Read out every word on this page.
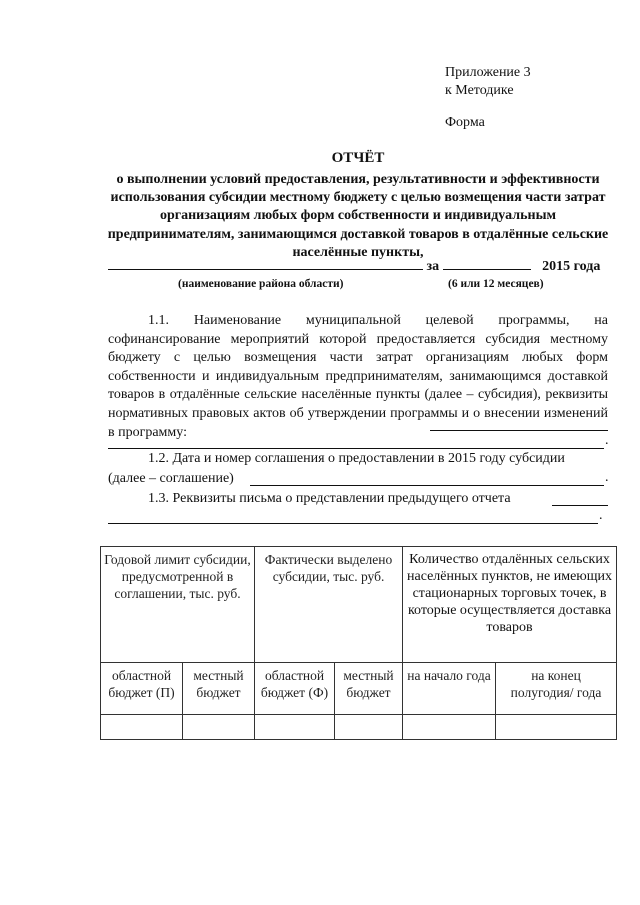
Приложение 3
к Методике
Форма
ОТЧЁТ
о выполнении условий предоставления, результативности и эффективности использования субсидии местному бюджету с целью возмещения части затрат организациям любых форм собственности и индивидуальным предпринимателям, занимающимся доставкой товаров в отдалённые сельские населённые пункты,
за	2015 года
(наименование района области)	(6 или 12 месяцев)
1.1. Наименование муниципальной целевой программы, на софинансирование мероприятий которой предоставляется субсидия местному бюджету с целью возмещения части затрат организациям любых форм собственности и индивидуальным предпринимателям, занимающимся доставкой товаров в отдалённые сельские населённые пункты (далее – субсидия), реквизиты нормативных правовых актов об утверждении программы и о внесении изменений в программу:
.
1.2. Дата и номер соглашения о предоставлении в 2015 году субсидии
(далее – соглашение)	.
1.3. Реквизиты письма о представлении предыдущего отчета
.
Годовой лимит субсидии, предусмотренной в соглашении, тыс. руб.		Фактически выделено субсидии, тыс. руб.		Количество отдалённых сельских населённых пунктов, не имеющих стационарных торговых точек, в которые осуществляется доставка товаров	
областной бюджет (П)	местный бюджет	областной бюджет (Ф)	местный бюджет	на начало года	на конец полугодия/ года
